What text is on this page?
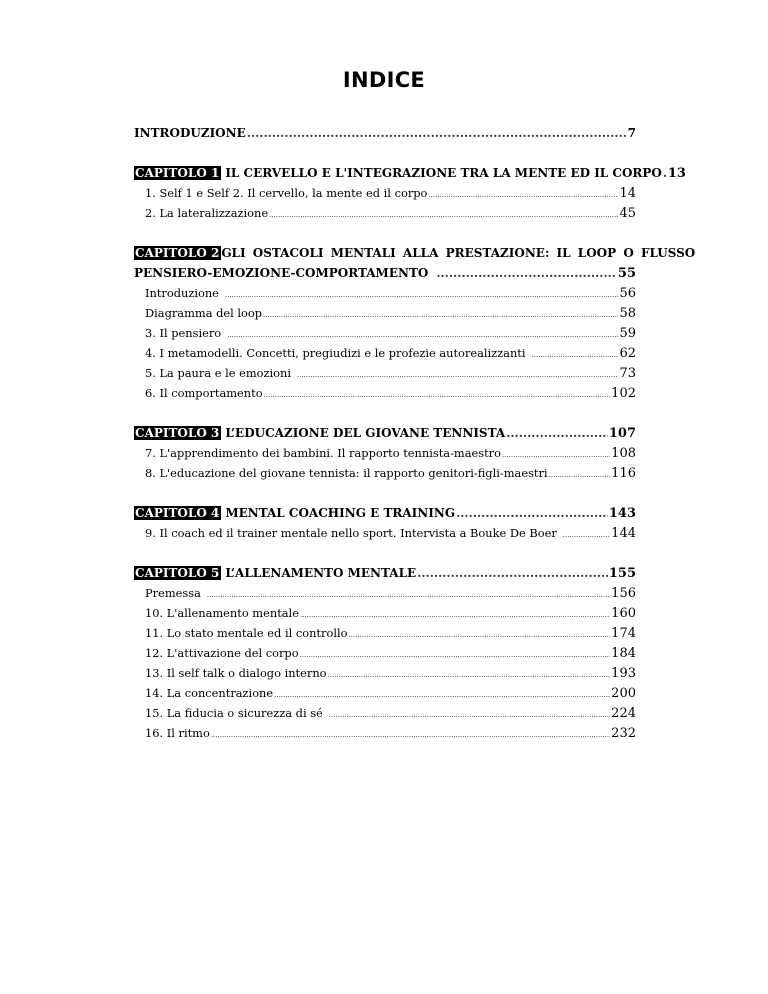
INDICE
INTRODUZIONE .....	7
CAPITOLO 1 IL CERVELLO E L'INTEGRAZIONE TRA LA MENTE ED IL CORPO ..... 13
1. Self 1 e Self 2. Il cervello, la mente ed il corpo .....	14
2. La lateralizzazione .....	45
CAPITOLO 2 GLI OSTACOLI MENTALI ALLA PRESTAZIONE: IL LOOP O FLUSSO
PENSIERO-EMOZIONE-COMPORTAMENTO .....	55
Introduzione .....	56
Diagramma del loop .....	58
3. Il pensiero .....	59
4. I metamodelli. Concetti, pregiudizi e le profezie autorealizzanti .....	62
5. La paura e le emozioni .....	73
6. Il comportamento .....	102
CAPITOLO 3 L’EDUCAZIONE DEL GIOVANE TENNISTA .....	107
7. L'apprendimento dei bambini. Il rapporto tennista-maestro .....	108
8. L'educazione del giovane tennista: il rapporto genitori-figli-maestri .....	116
CAPITOLO 4 MENTAL COACHING E TRAINING .....	143
9. Il coach ed il trainer mentale nello sport. Intervista a Bouke De Boer .....	144
CAPITOLO 5 L’ALLENAMENTO MENTALE .....	155
Premessa .....	156
10. L'allenamento mentale .....	160
11. Lo stato mentale ed il controllo .....	174
12. L'attivazione del corpo .....	184
13. Il self talk o dialogo interno .....	193
14. La concentrazione .....	200
15. La fiducia o sicurezza di sé .....	224
16. Il ritmo .....	232
